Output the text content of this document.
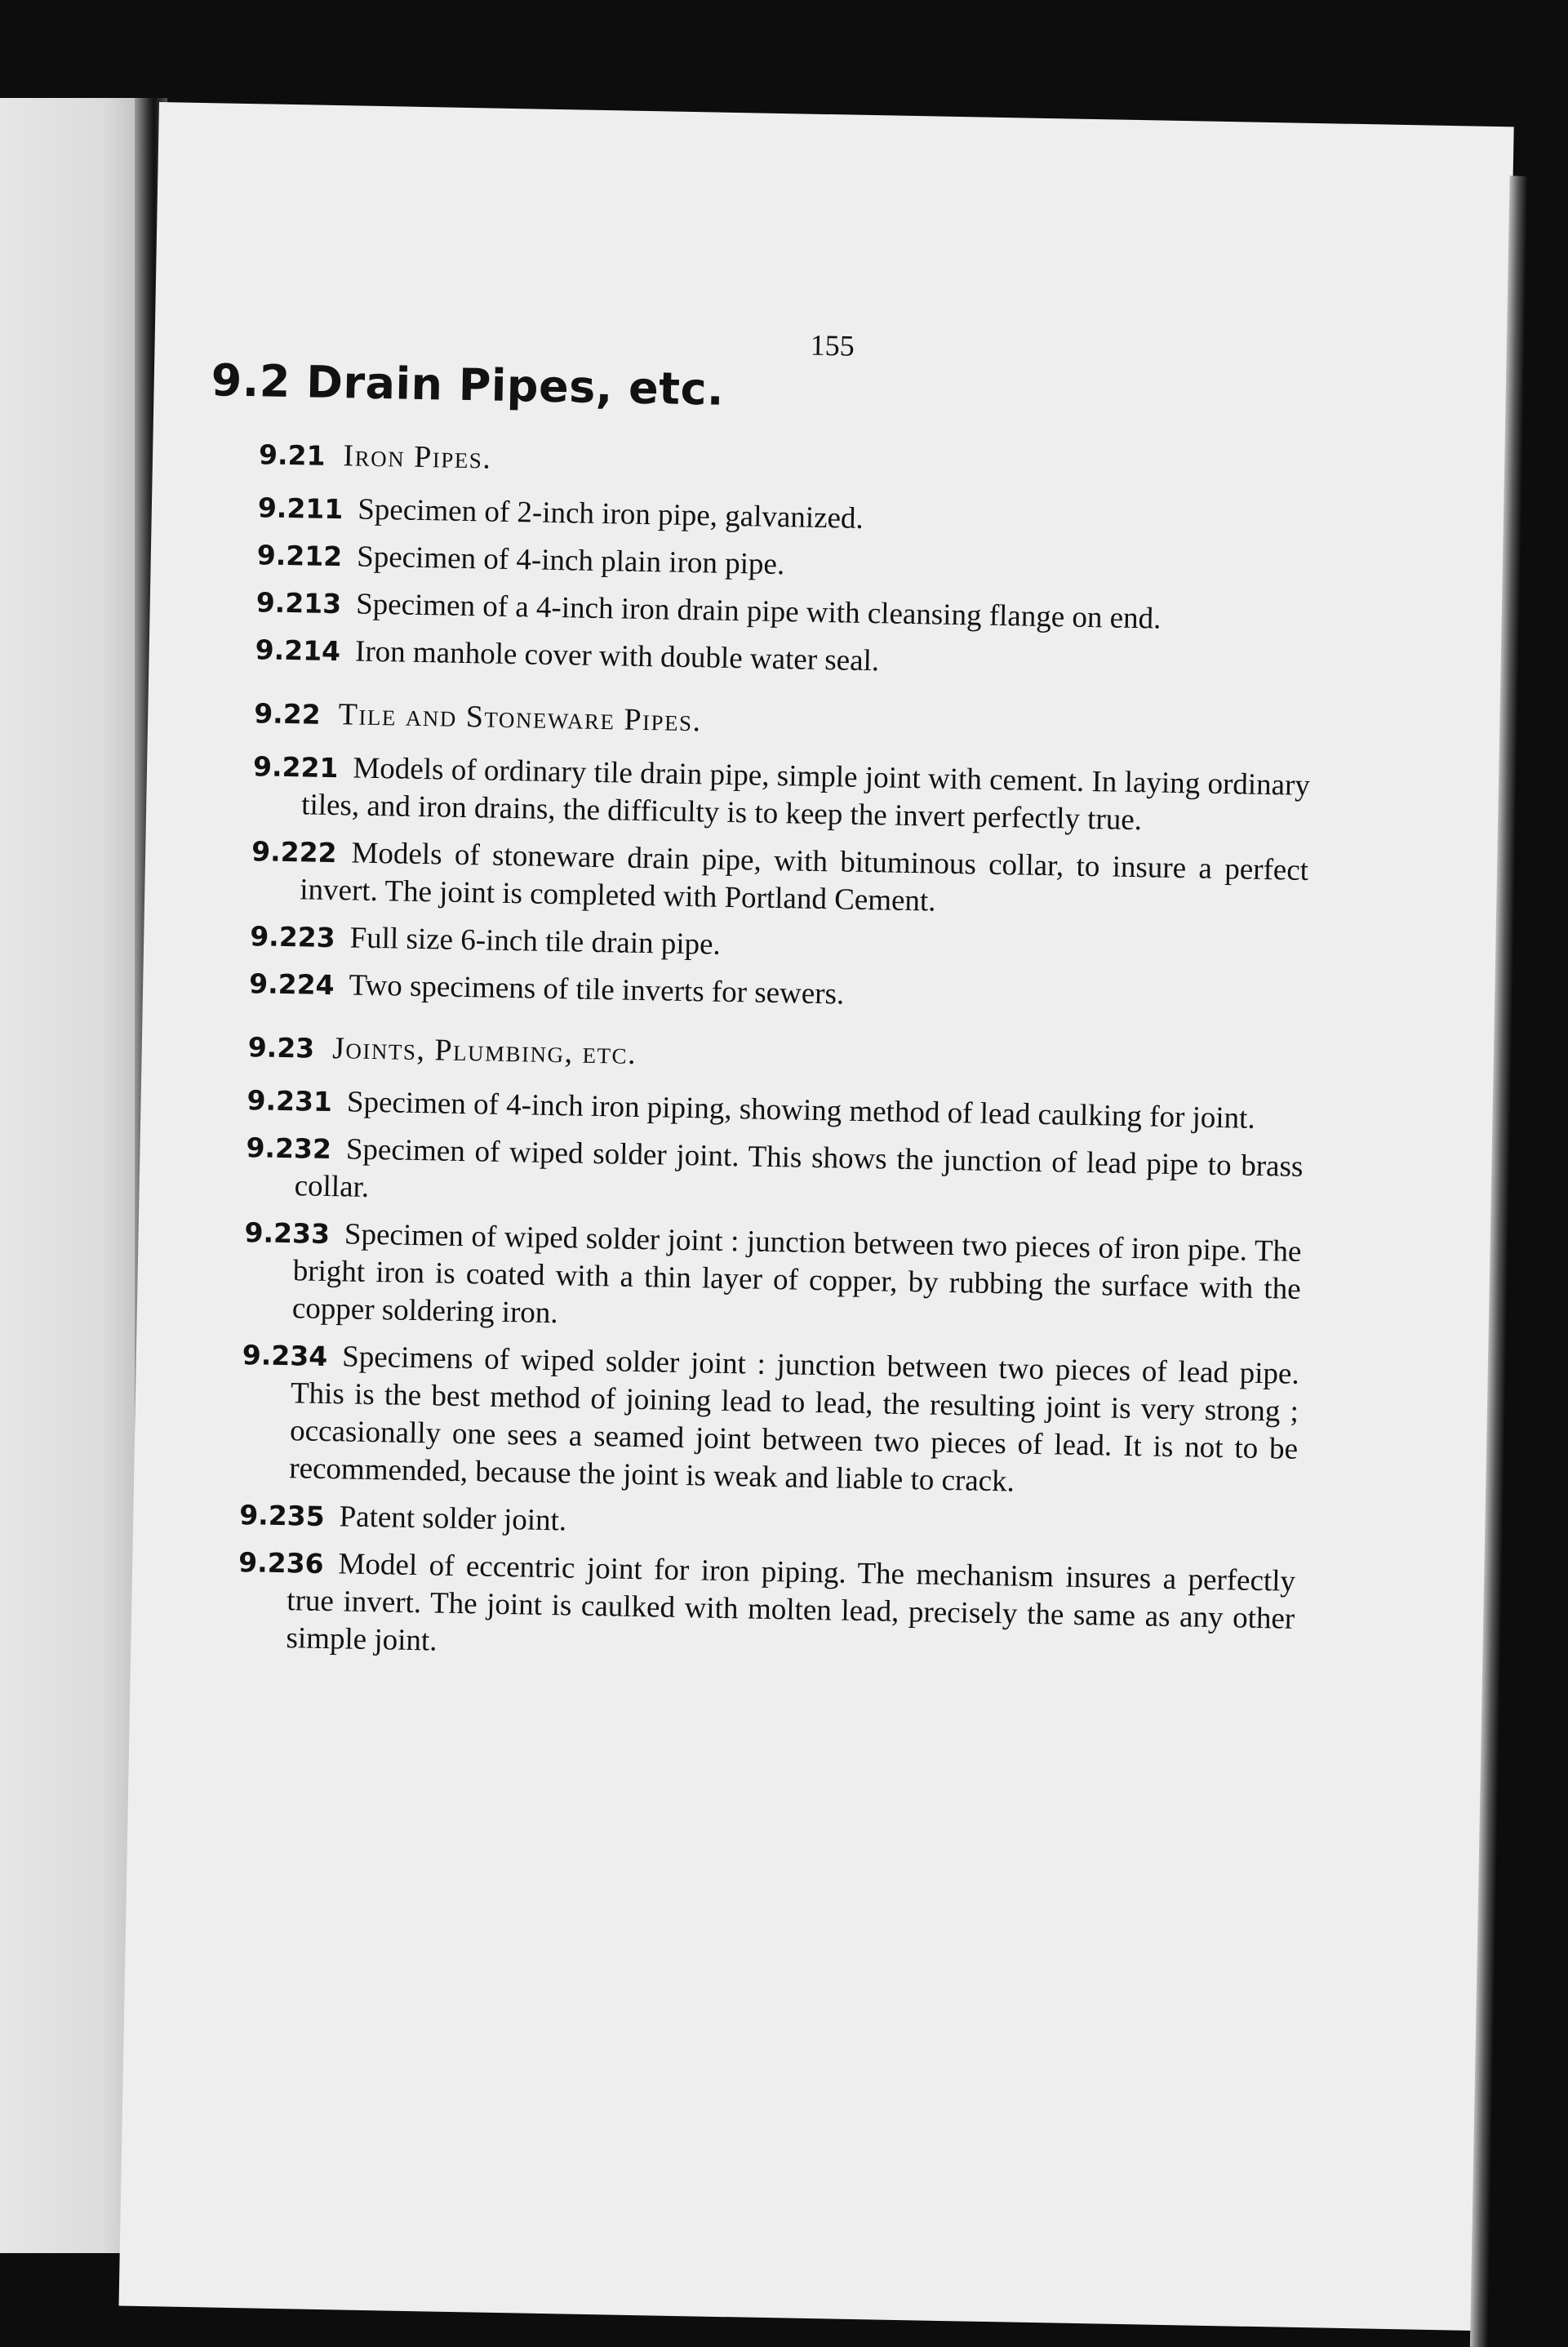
155
9.2 Drain Pipes, etc.
9.21 Iron Pipes.
9.211 Specimen of 2-inch iron pipe, galvanized.
9.212 Specimen of 4-inch plain iron pipe.
9.213 Specimen of a 4-inch iron drain pipe with cleansing flange on end.
9.214 Iron manhole cover with double water seal.
9.22 Tile and Stoneware Pipes.
9.221 Models of ordinary tile drain pipe, simple joint with cement. In laying ordinary tiles, and iron drains, the difficulty is to keep the invert perfectly true.
9.222 Models of stoneware drain pipe, with bituminous collar, to insure a perfect invert. The joint is completed with Portland Cement.
9.223 Full size 6-inch tile drain pipe.
9.224 Two specimens of tile inverts for sewers.
9.23 Joints, Plumbing, etc.
9.231 Specimen of 4-inch iron piping, showing method of lead caulking for joint.
9.232 Specimen of wiped solder joint. This shows the junction of lead pipe to brass collar.
9.233 Specimen of wiped solder joint : junction between two pieces of iron pipe. The bright iron is coated with a thin layer of copper, by rubbing the surface with the copper soldering iron.
9.234 Specimens of wiped solder joint : junction between two pieces of lead pipe. This is the best method of joining lead to lead, the resulting joint is very strong ; occasionally one sees a seamed joint between two pieces of lead. It is not to be recommended, because the joint is weak and liable to crack.
9.235 Patent solder joint.
9.236 Model of eccentric joint for iron piping. The mechanism insures a perfectly true invert. The joint is caulked with molten lead, precisely the same as any other simple joint.
